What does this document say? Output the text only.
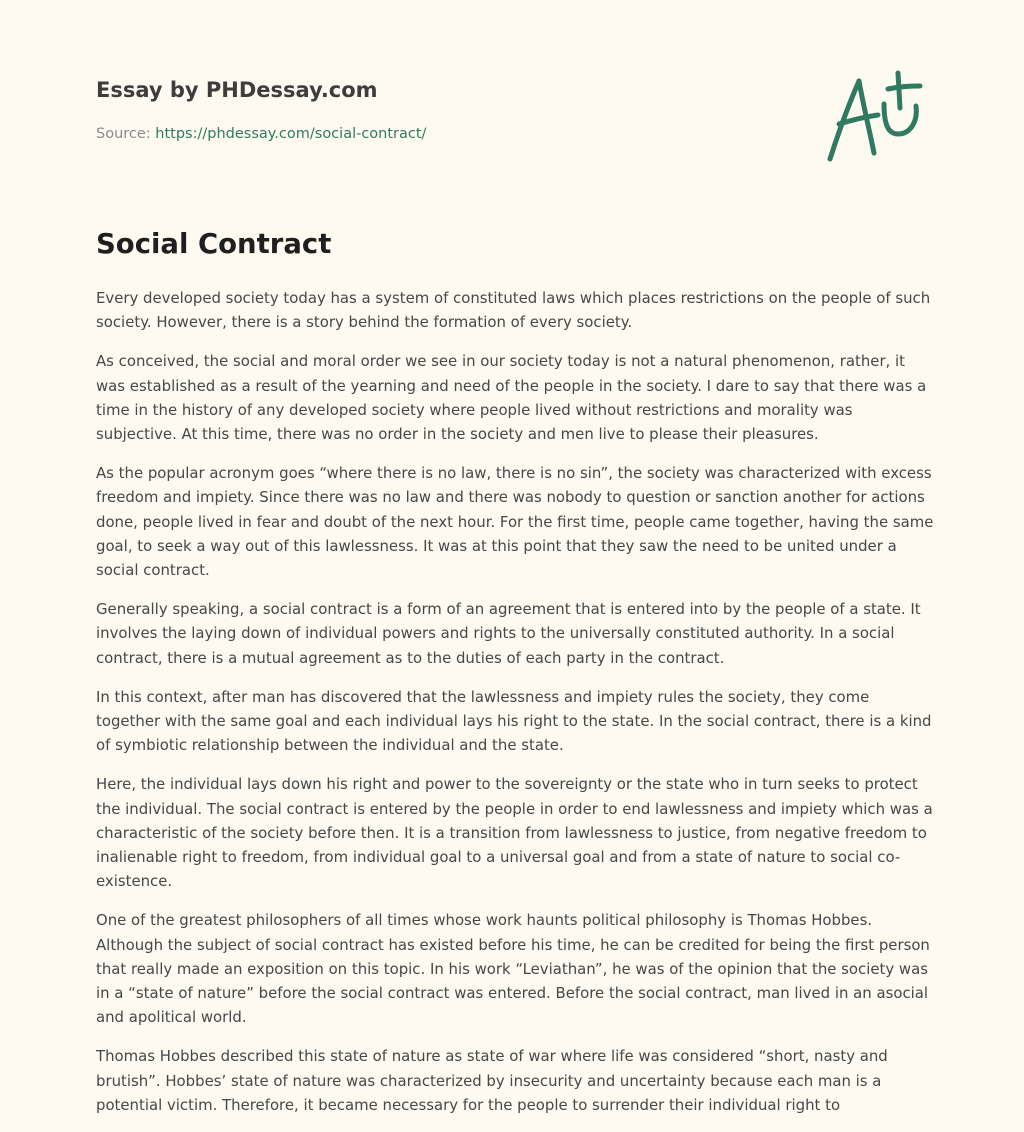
Essay by PHDessay.com
Source: https://phdessay.com/social-contract/
Social Contract

Every developed society today has a system of constituted laws which places restrictions on the people of such society. However, there is a story behind the formation of every society.

As conceived, the social and moral order we see in our society today is not a natural phenomenon, rather, it was established as a result of the yearning and need of the people in the society. I dare to say that there was a time in the history of any developed society where people lived without restrictions and morality was subjective. At this time, there was no order in the society and men live to please their pleasures.

As the popular acronym goes “where there is no law, there is no sin”, the society was characterized with excess freedom and impiety. Since there was no law and there was nobody to question or sanction another for actions done, people lived in fear and doubt of the next hour. For the first time, people came together, having the same goal, to seek a way out of this lawlessness. It was at this point that they saw the need to be united under a social contract.

Generally speaking, a social contract is a form of an agreement that is entered into by the people of a state. It involves the laying down of individual powers and rights to the universally constituted authority. In a social contract, there is a mutual agreement as to the duties of each party in the contract.

In this context, after man has discovered that the lawlessness and impiety rules the society, they come together with the same goal and each individual lays his right to the state. In the social contract, there is a kind of symbiotic relationship between the individual and the state.

Here, the individual lays down his right and power to the sovereignty or the state who in turn seeks to protect the individual. The social contract is entered by the people in order to end lawlessness and impiety which was a characteristic of the society before then. It is a transition from lawlessness to justice, from negative freedom to inalienable right to freedom, from individual goal to a universal goal and from a state of nature to social co-existence.

One of the greatest philosophers of all times whose work haunts political philosophy is Thomas Hobbes. Although the subject of social contract has existed before his time, he can be credited for being the first person that really made an exposition on this topic. In his work “Leviathan”, he was of the opinion that the society was in a “state of nature” before the social contract was entered. Before the social contract, man lived in an asocial and apolitical world.

Thomas Hobbes described this state of nature as state of war where life was considered “short, nasty and brutish”. Hobbes’ state of nature was characterized by insecurity and uncertainty because each man is a potential victim. Therefore, it became necessary for the people to surrender their individual right to
